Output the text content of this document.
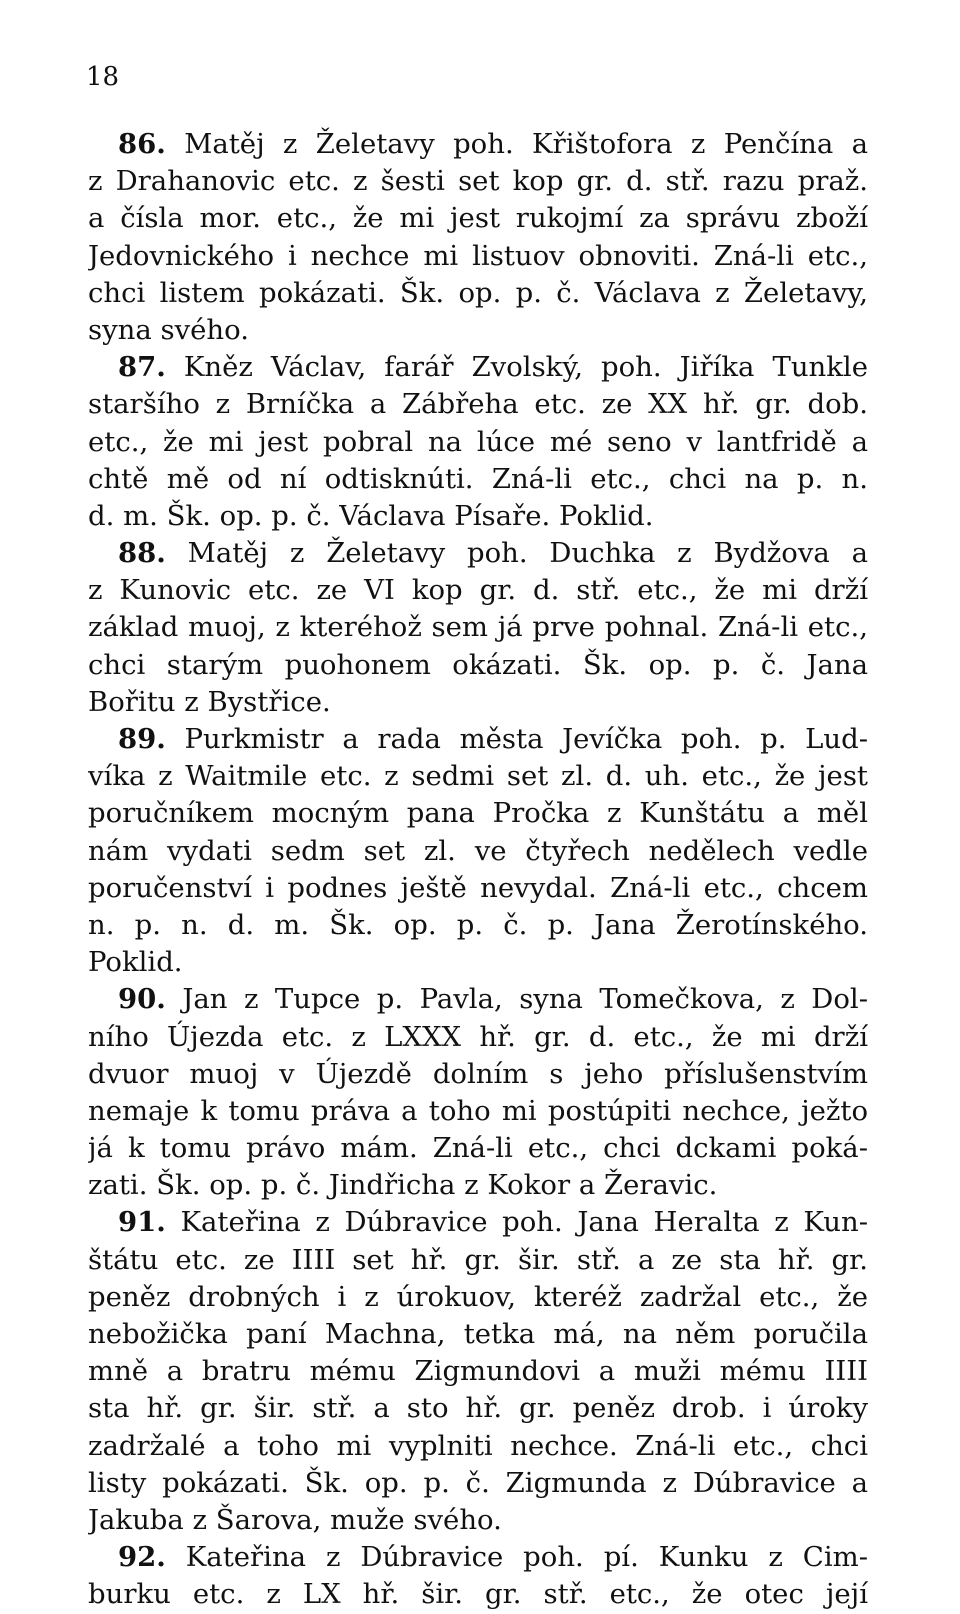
18
86. Matěj z Želetavy poh. Křištofora z Penčína a
z Drahanovic etc. z šesti set kop gr. d. stř. razu praž.
a čísla mor. etc., že mi jest rukojmí za správu zboží
Jedovnického i nechce mi listuov obnoviti. Zná-li etc.,
chci listem pokázati. Šk. op. p. č. Václava z Želetavy,
syna svého.
87. Kněz Václav, farář Zvolský, poh. Jiříka Tunkle
staršího z Brníčka a Zábřeha etc. ze XX hř. gr. dob.
etc., že mi jest pobral na lúce mé seno v lantfridě a
chtě mě od ní odtisknúti. Zná-li etc., chci na p. n.
d. m. Šk. op. p. č. Václava Písaře. Poklid.
88. Matěj z Želetavy poh. Duchka z Bydžova a
z Kunovic etc. ze VI kop gr. d. stř. etc., že mi drží
základ muoj, z kteréhož sem já prve pohnal. Zná-li etc.,
chci starým puohonem okázati. Šk. op. p. č. Jana
Bořitu z Bystřice.
89. Purkmistr a rada města Jevíčka poh. p. Lud-
víka z Waitmile etc. z sedmi set zl. d. uh. etc., že jest
poručníkem mocným pana Pročka z Kunštátu a měl
nám vydati sedm set zl. ve čtyřech nedělech vedle
poručenství i podnes ještě nevydal. Zná-li etc., chcem
n. p. n. d. m. Šk. op. p. č. p. Jana Žerotínského.
Poklid.
90. Jan z Tupce p. Pavla, syna Tomečkova, z Dol-
ního Újezda etc. z LXXX hř. gr. d. etc., že mi drží
dvuor muoj v Újezdě dolním s jeho příslušenstvím
nemaje k tomu práva a toho mi postúpiti nechce, ježto
já k tomu právo mám. Zná-li etc., chci dckami poká-
zati. Šk. op. p. č. Jindřicha z Kokor a Žeravic.
91. Kateřina z Dúbravice poh. Jana Heralta z Kun-
štátu etc. ze IIII set hř. gr. šir. stř. a ze sta hř. gr.
peněz drobných i z úrokuov, kteréž zadržal etc., že
nebožička paní Machna, tetka má, na něm poručila
mně a bratru mému Zigmundovi a muži mému IIII
sta hř. gr. šir. stř. a sto hř. gr. peněz drob. i úroky
zadržalé a toho mi vyplniti nechce. Zná-li etc., chci
listy pokázati. Šk. op. p. č. Zigmunda z Dúbravice a
Jakuba z Šarova, muže svého.
92. Kateřina z Dúbravice poh. pí. Kunku z Cim-
burku etc. z LX hř. šir. gr. stř. etc., že otec její
